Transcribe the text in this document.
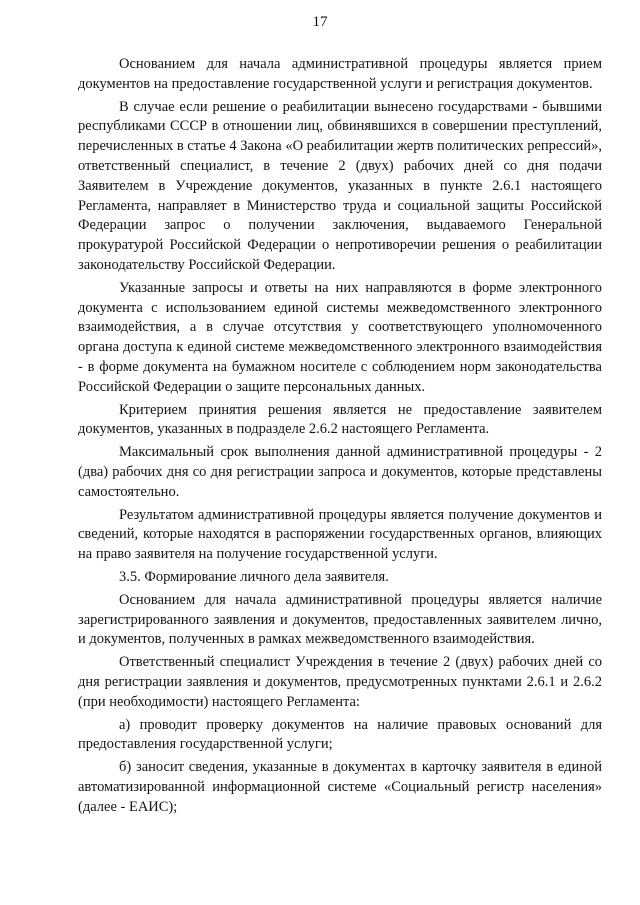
17

Основанием для начала административной процедуры является прием документов на предоставление государственной услуги и регистрация документов.

В случае если решение о реабилитации вынесено государствами - бывшими республиками СССР в отношении лиц, обвинявшихся в совершении преступлений, перечисленных в статье 4 Закона «О реабилитации жертв политических репрессий», ответственный специалист, в течение 2 (двух) рабочих дней со дня подачи Заявителем в Учреждение документов, указанных в пункте 2.6.1 настоящего Регламента, направляет в Министерство труда и социальной защиты Российской Федерации запрос о получении заключения, выдаваемого Генеральной прокуратурой Российской Федерации о непротиворечии решения о реабилитации законодательству Российской Федерации.

Указанные запросы и ответы на них направляются в форме электронного документа с использованием единой системы межведомственного электронного взаимодействия, а в случае отсутствия у соответствующего уполномоченного органа доступа к единой системе межведомственного электронного взаимодействия - в форме документа на бумажном носителе с соблюдением норм законодательства Российской Федерации о защите персональных данных.

Критерием принятия решения является не предоставление заявителем документов, указанных в подразделе 2.6.2 настоящего Регламента.

Максимальный срок выполнения данной административной процедуры - 2 (два) рабочих дня со дня регистрации запроса и документов, которые представлены самостоятельно.

Результатом административной процедуры является получение документов и сведений, которые находятся в распоряжении государственных органов, влияющих на право заявителя на получение государственной услуги.

3.5. Формирование личного дела заявителя.

Основанием для начала административной процедуры является наличие зарегистрированного заявления и документов, предоставленных заявителем лично, и документов, полученных в рамках межведомственного взаимодействия.

Ответственный специалист Учреждения в течение 2 (двух) рабочих дней со дня регистрации заявления и документов, предусмотренных пунктами 2.6.1 и 2.6.2 (при необходимости) настоящего Регламента:

а) проводит проверку документов на наличие правовых оснований для предоставления государственной услуги;

б) заносит сведения, указанные в документах в карточку заявителя в единой автоматизированной информационной системе «Социальный регистр населения» (далее - ЕАИС);
